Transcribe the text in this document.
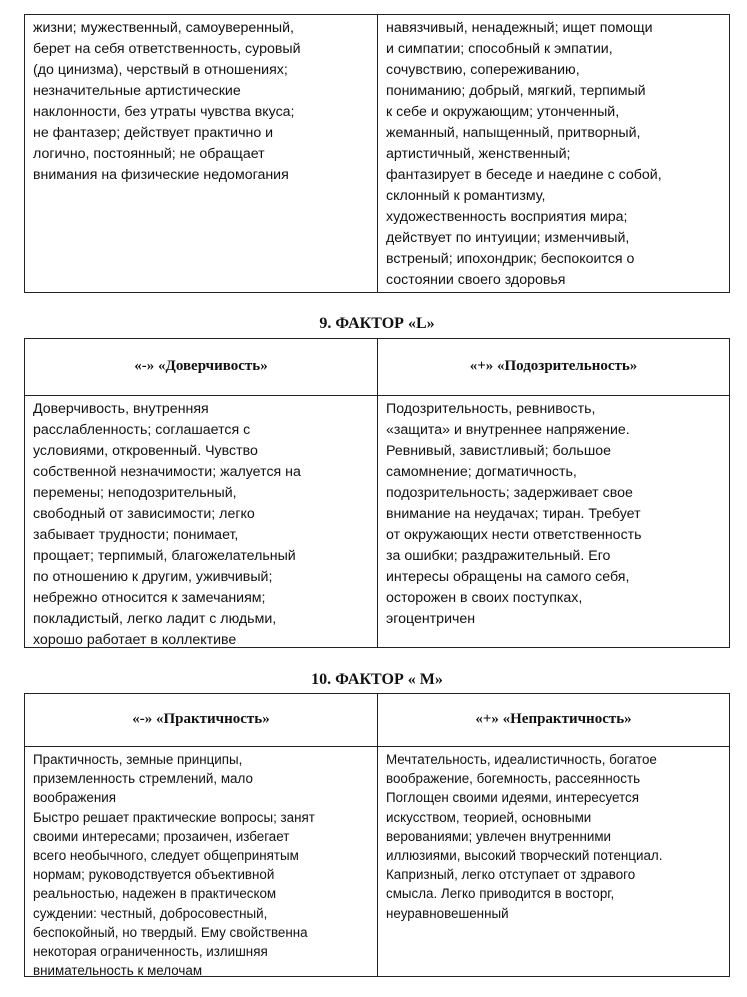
жизни; мужественный, самоуверенный,
берет на себя ответственность, суровый
(до цинизма), черствый в отношениях;
незначительные артистические
наклонности, без утраты чувства вкуса;
не фантазер; действует практично и
логично, постоянный; не обращает
внимания на физические недомогания

навязчивый, ненадежный; ищет помощи
и симпатии; способный к эмпатии,
сочувствию, сопереживанию,
пониманию; добрый, мягкий, терпимый
к себе и окружающим; утонченный,
жеманный, напыщенный, притворный,
артистичный, женственный;
фантазирует в беседе и наедине с собой,
склонный к романтизму,
художественность восприятия мира;
действует по интуиции; изменчивый,
встреный; ипохондрик; беспокоится о
состоянии своего здоровья

9. ФАКТОР «L»
«-» «Доверчивость»	«+» «Подозрительность»

Доверчивость, внутренняя
расслабленность; соглашается с
условиями, откровенный. Чувство
собственной незначимости; жалуется на
перемены; неподозрительный,
свободный от зависимости; легко
забывает трудности; понимает,
прощает; терпимый, благожелательный
по отношению к другим, уживчивый;
небрежно относится к замечаниям;
покладистый, легко ладит с людьми,
хорошо работает в коллективе

Подозрительность, ревнивость,
«защита» и внутреннее напряжение.
Ревнивый, завистливый; большое
самомнение; догматичность,
подозрительность; задерживает свое
внимание на неудачах; тиран. Требует
от окружающих нести ответственность
за ошибки; раздражительный. Его
интересы обращены на самого себя,
осторожен в своих поступках,
эгоцентричен

10. ФАКТОР « М»
«-» «Практичность»	«+» «Непрактичность»

Практичность, земные принципы,
приземленность стремлений, мало
воображения
Быстро решает практические вопросы; занят
своими интересами; прозаичен, избегает
всего необычного, следует общепринятым
нормам; руководствуется объективной
реальностью, надежен в практическом
суждении: честный, добросовестный,
беспокойный, но твердый. Ему свойственна
некоторая ограниченность, излишняя
внимательность к мелочам

Мечтательность, идеалистичность, богатое
воображение, богемность, рассеянность
Поглощен своими идеями, интересуется
искусством, теорией, основными
верованиями; увлечен внутренними
иллюзиями, высокий творческий потенциал.
Капризный, легко отступает от здравого
смысла. Легко приводится в восторг,
неуравновешенный
